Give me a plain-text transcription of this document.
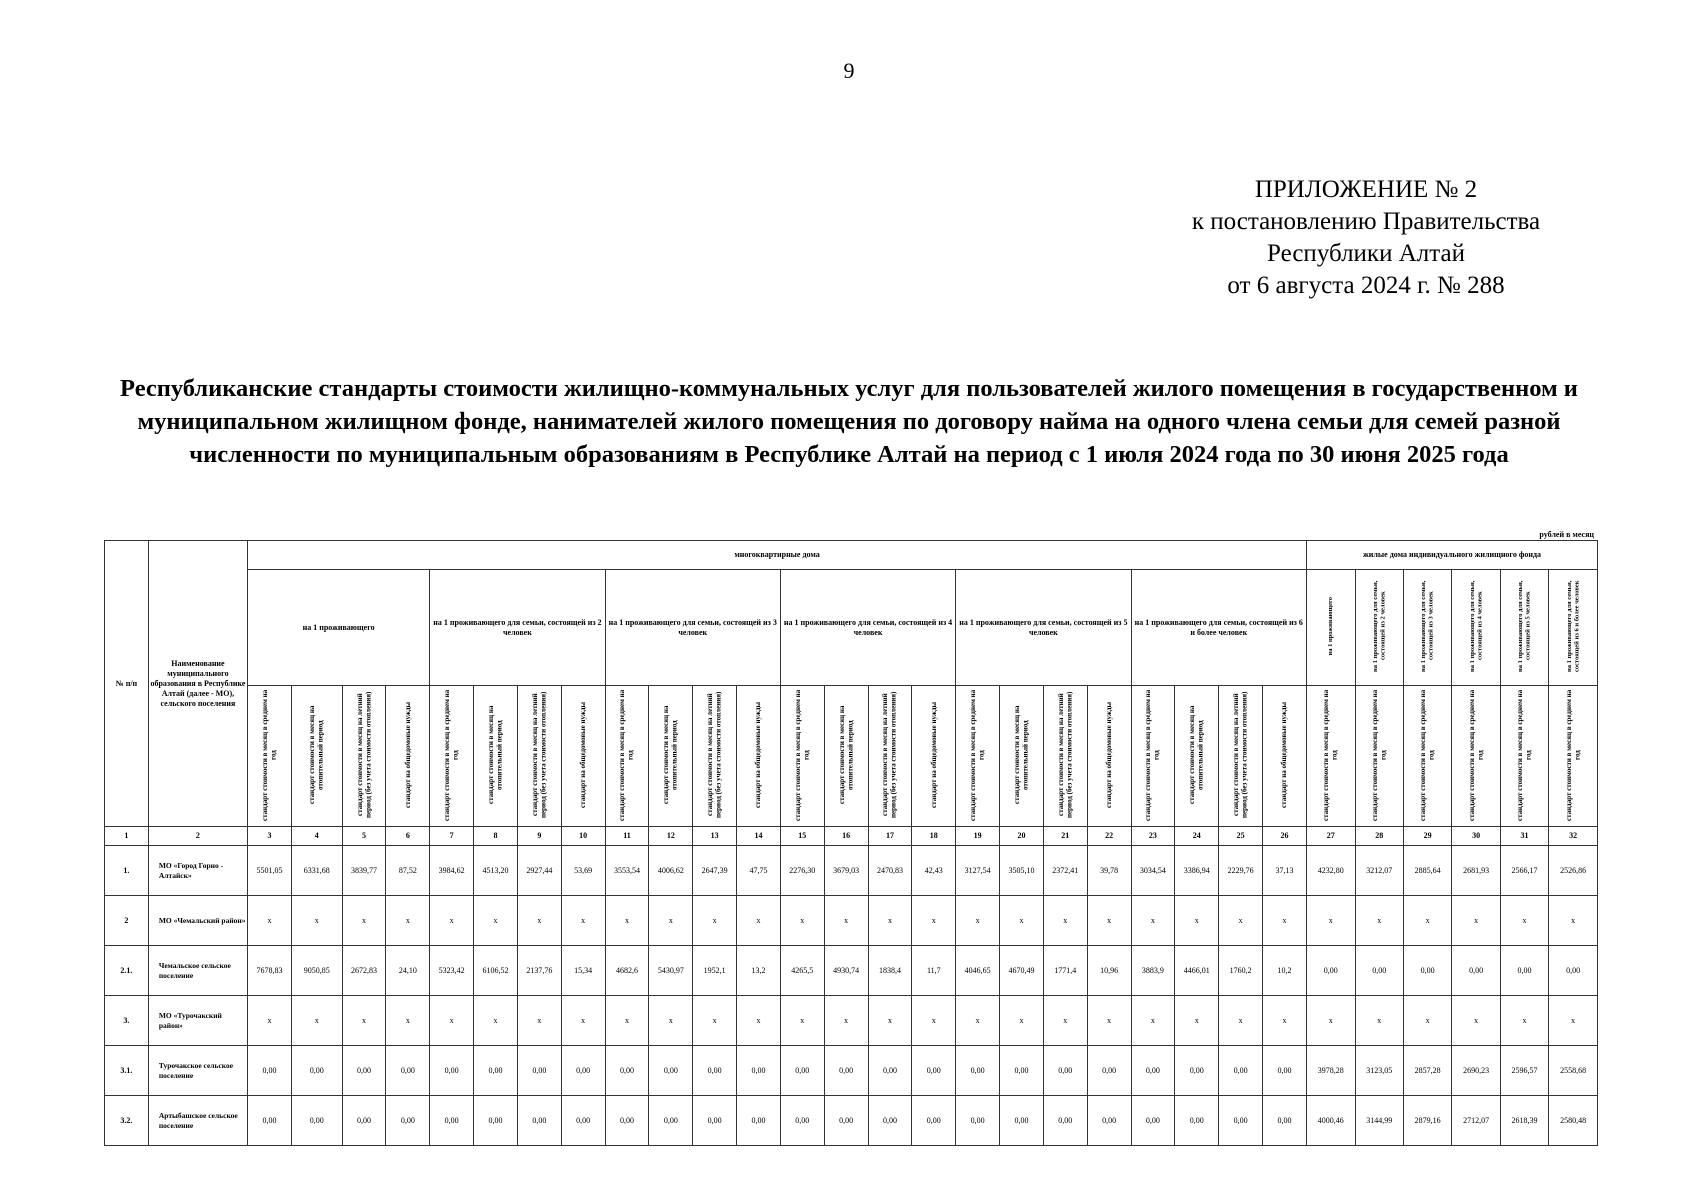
9
ПРИЛОЖЕНИЕ № 2
к постановлению Правительства
Республики Алтай
от 6 августа 2024 г. № 288
Республиканские стандарты стоимости жилищно-коммунальных услуг для пользователей жилого помещения в государственном и муниципальном жилищном фонде, нанимателей жилого помещения по договору найма на одного члена семьи для семей разной численности по муниципальным образованиям в Республике Алтай на период с 1 июля 2024 года по 30 июня 2025 года
рублей в месяц
№ п/п	Наименование муниципального образования в Республике Алтай (далее - МО), сельского поселения	многоквартирные дома																								жилые дома индивидуального жилищного фонда					
		на 1 проживающего				на 1 проживающего для семьи, состоящей из 2 человек				на 1 проживающего для семьи, состоящей из 3 человек				на 1 проживающего для семьи, состоящей из 4 человек				на 1 проживающего для семьи, состоящей из 5 человек				на 1 проживающего для семьи, состоящей из 6 и более человек				на 1 проживающего	на 1 проживающего для семьи, состоящей из 2 человек	на 1 проживающего для семьи, состоящей из 3 человек	на 1 проживающего для семьи, состоящей из 4 человек	на 1 проживающего для семьи, состоящей из 5 человек	на 1 проживающего для семьи, состоящей из 6 и более человек
		стандарт стоимости в месяц в среднем на год	стандарт стоимости в месяц на отопительный период	стандарт стоимости в месяц на летний период (без учета стоимости отопления)	стандарт на общедомовые нужды	стандарт стоимости в месяц в среднем на год	стандарт стоимости в месяц на отопительный период	стандарт стоимости в месяц на летний период (без учета стоимости отопления)	стандарт на общедомовые нужды	стандарт стоимости в месяц в среднем на год	стандарт стоимости в месяц на отопительный период	стандарт стоимости в месяц на летний период (без учета стоимости отопления)	стандарт на общедомовые нужды	стандарт стоимости в месяц в среднем на год	стандарт стоимости в месяц на отопительный период	стандарт стоимости в месяц на летний период (без учета стоимости отопления)	стандарт на общедомовые нужды	стандарт стоимости в месяц в среднем на год	стандарт стоимости в месяц на отопительный период	стандарт стоимости в месяц на летний период (без учета стоимости отопления)	стандарт на общедомовые нужды	стандарт стоимости в месяц в среднем на год	стандарт стоимости в месяц на отопительный период	стандарт стоимости в месяц на летний период (без учета стоимости отопления)	стандарт на общедомовые нужды	стандарт стоимости в месяц в среднем на год	стандарт стоимости в месяц в среднем на год	стандарт стоимости в месяц в среднем на год	стандарт стоимости в месяц в среднем на год	стандарт стоимости в месяц в среднем на год	стандарт стоимости в месяц в среднем на год
1	2	3	4	5	6	7	8	9	10	11	12	13	14	15	16	17	18	19	20	21	22	23	24	25	26	27	28	29	30	31	32
1.	МО «Город Горно - Алтайск»	5501,05	6331,68	3839,77	87,52	3984,62	4513,20	2927,44	53,69	3553,54	4006,62	2647,39	47,75	2276,30	3679,03	2470,83	42,43	3127,54	3505,10	2372,41	39,78	3034,54	3386,94	2229,76	37,13	4232,80	3212,07	2885,64	2681,93	2566,17	2526,86
2	МО «Чемальский район»	х	х	х	х	х	х	х	х	х	х	х	х	х	х	х	х	х	х	х	х	х	х	х	х	х	х	х	х	х	х
2.1.	Чемальское сельское поселение	7678,83	9050,85	2672,83	24,10	5323,42	6106,52	2137,76	15,34	4682,6	5430,97	1952,1	13,2	4265,5	4930,74	1838,4	11,7	4046,65	4670,49	1771,4	10,96	3883,9	4466,01	1760,2	10,2	0,00	0,00	0,00	0,00	0,00	0,00
3.	МО «Турочакский район»	х	х	х	х	х	х	х	х	х	х	х	х	х	х	х	х	х	х	х	х	х	х	х	х	х	х	х	х	х	х
3.1.	Турочакское сельское поселение	0,00	0,00	0,00	0,00	0,00	0,00	0,00	0,00	0,00	0,00	0,00	0,00	0,00	0,00	0,00	0,00	0,00	0,00	0,00	0,00	0,00	0,00	0,00	0,00	3978,28	3123,05	2857,28	2690,23	2596,57	2558,68
3.2.	Артыбашское сельское поселение	0,00	0,00	0,00	0,00	0,00	0,00	0,00	0,00	0,00	0,00	0,00	0,00	0,00	0,00	0,00	0,00	0,00	0,00	0,00	0,00	0,00	0,00	0,00	0,00	4000,46	3144,99	2879,16	2712,07	2618,39	2580,48
